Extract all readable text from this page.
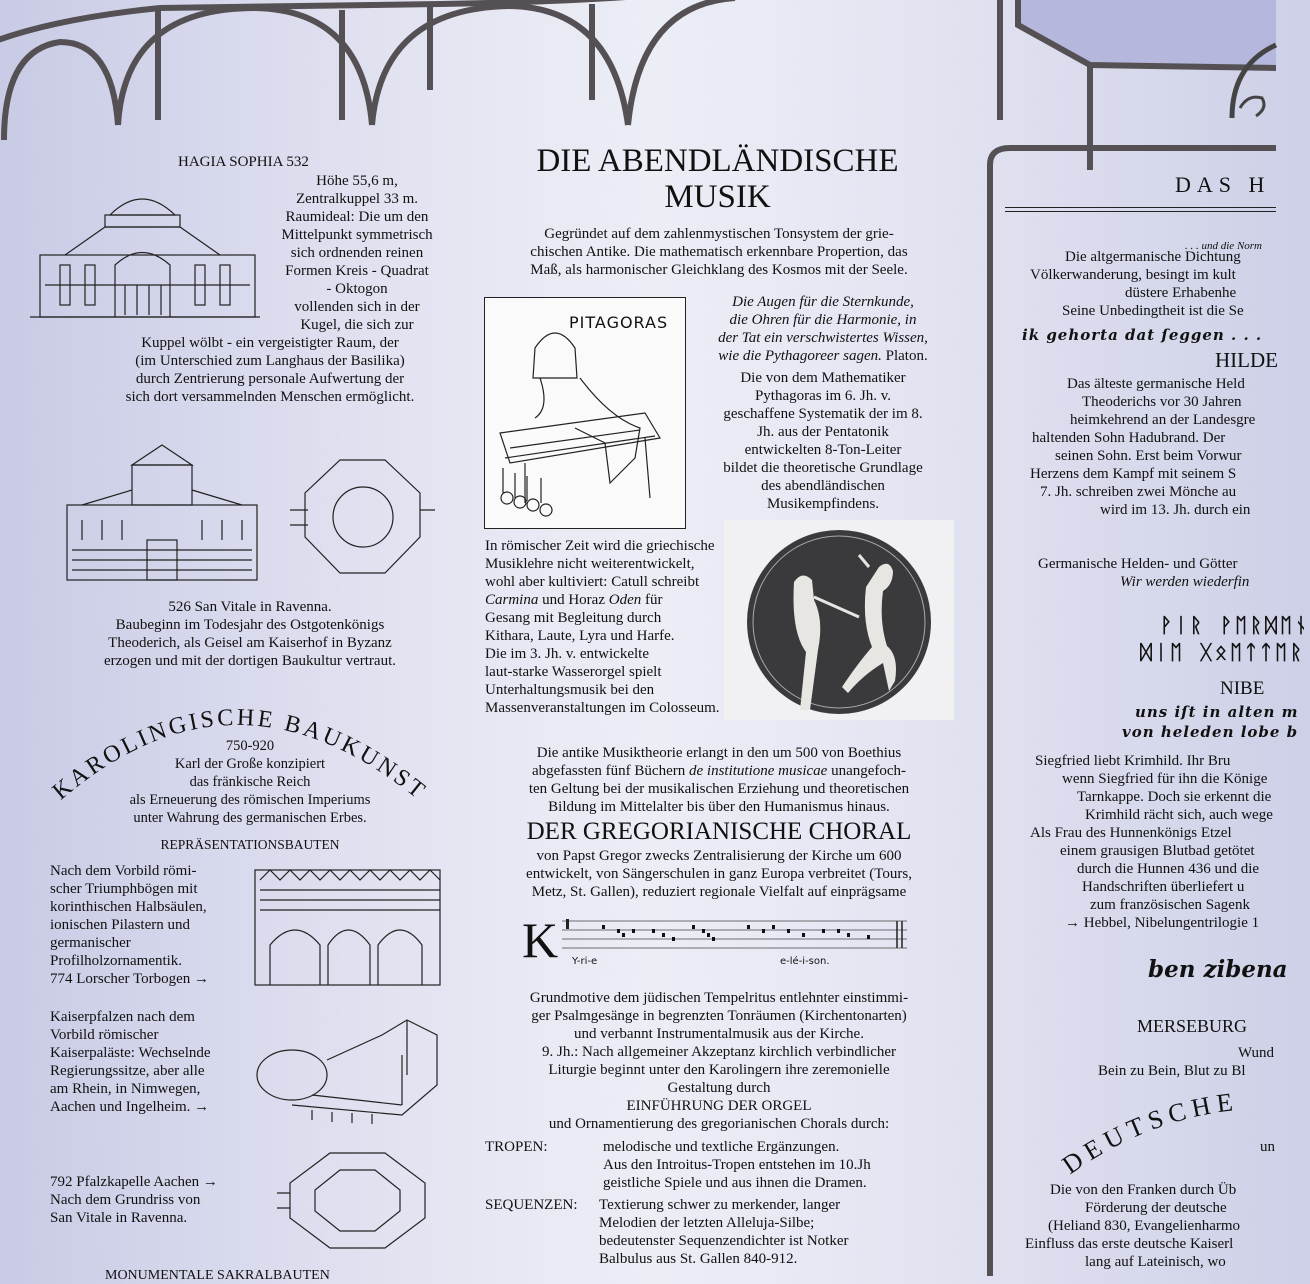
HAGIA SOPHIA 532
Höhe 55,6 m,
Zentralkuppel 33 m.
Raumideal: Die um den
Mittelpunkt symmetrisch
sich ordnenden reinen
Formen Kreis - Quadrat
- Oktogon
vollenden sich in der
Kugel, die sich zur
Kuppel wölbt - ein vergeistigter Raum, der
(im Unterschied zum Langhaus der Basilika)
durch Zentrierung personale Aufwertung der
sich dort versammelnden Menschen ermöglicht.
526 San Vitale in Ravenna.
Baubeginn im Todesjahr des Ostgotenkönigs
Theoderich, als Geisel am Kaiserhof in Byzanz
erzogen und mit der dortigen Baukultur vertraut.
KAROLINGISCHE BAUKUNST
750-920
Karl der Große konzipiert
das fränkische Reich
als Erneuerung des römischen Imperiums
unter Wahrung des germanischen Erbes.
REPRÄSENTATIONSBAUTEN
Nach dem Vorbild römi-
scher Triumphbögen mit
korinthischen Halbsäulen,
ionischen Pilastern und
germanischer
Profilholzornamentik.
774 Lorscher Torbogen →
Kaiserpfalzen nach dem
Vorbild römischer
Kaiserpaläste: Wechselnde
Regierungssitze, aber alle
am Rhein, in Nimwegen,
Aachen und Ingelheim. →
792 Pfalzkapelle Aachen →
Nach dem Grundriss von
San Vitale in Ravenna.
MONUMENTALE SAKRALBAUTEN
DIE ABENDLÄNDISCHE
MUSIK
Gegründet auf dem zahlenmystischen Tonsystem der grie-
chischen Antike. Die mathematisch erkennbare Propertion, das
Maß, als harmonischer Gleichklang des Kosmos mit der Seele.
PITAGORAS
Die Augen für die Sternkunde,
die Ohren für die Harmonie, in
der Tat ein verschwistertes Wissen,
wie die Pythagoreer sagen. Platon.
Die von dem Mathematiker
Pythagoras im 6. Jh. v.
geschaffene Systematik der im 8.
Jh. aus der Pentatonik
entwickelten 8-Ton-Leiter
bildet die theoretische Grundlage
des abendländischen
Musikempfindens.
In römischer Zeit wird die griechische
Musiklehre nicht weiterentwickelt,
wohl aber kultiviert: Catull schreibt
Carmina und Horaz Oden für
Gesang mit Begleitung durch
Kithara, Laute, Lyra und Harfe.
Die im 3. Jh. v. entwickelte
laut-starke Wasserorgel spielt
Unterhaltungsmusik bei den
Massenveranstaltungen im Colosseum.
Die antike Musiktheorie erlangt in den um 500 von Boethius
abgefassten fünf Büchern de institutione musicae unangefoch-
ten Geltung bei der musikalischen Erziehung und theoretischen
Bildung im Mittelalter bis über den Humanismus hinaus.
DER GREGORIANISCHE CHORAL
von Papst Gregor zwecks Zentralisierung der Kirche um 600
entwickelt, von Sängerschulen in ganz Europa verbreitet (Tours,
Metz, St. Gallen), reduziert regionale Vielfalt auf einprägsame
K Y-ri-e	e-lé-i-son.
Grundmotive dem jüdischen Tempelritus entlehnter einstimmi-
ger Psalmgesänge in begrenzten Tonräumen (Kirchentonarten)
und verbannt Instrumentalmusik aus der Kirche.
9. Jh.: Nach allgemeiner Akzeptanz kirchlich verbindlicher
Liturgie beginnt unter den Karolingern ihre zeremonielle
Gestaltung durch
EINFÜHRUNG DER ORGEL
und Ornamentierung des gregorianischen Chorals durch:
TROPEN:	melodische und textliche Ergänzungen.
Aus den Introitus-Tropen entstehen im 10.Jh
geistliche Spiele und aus ihnen die Dramen.
SEQUENZEN:	Textierung schwer zu merkender, langer
Melodien der letzten Alleluja-Silbe;
bedeutenster Sequenzendichter ist Notker
Balbulus aus St. Gallen 840-912.
DAS H
. . . und die Norm
Die altgermanische Dichtung
Völkerwanderung, besingt im kult
düstere Erhabenhe
Seine Unbedingtheit ist die Se
ik gehorta dat ſeggen . . .
HILDE
Das älteste germanische Held
Theoderichs vor 30 Jahren
heimkehrend an der Landesgre
haltenden Sohn Hadubrand. Der
seinen Sohn. Erst beim Vorwur
Herzens dem Kampf mit seinem S
7. Jh. schreiben zwei Mönche au
wird im 13. Jh. durch ein
Germanische Helden- und Götter
Wir werden wiederfin
ᚹᛁᚱ ᚹᛖᚱᛞᛖᚾ
ᛞᛁᛖ ᚷᛟᛖᛏᛏᛖᚱ
NIBE
uns iſt in alten m
von heleden lobe b
Siegfried liebt Krimhild. Ihr Bru
wenn Siegfried für ihn die Könige
Tarnkappe. Doch sie erkennt die
Krimhild rächt sich, auch wege
Als Frau des Hunnenkönigs Etzel
einem grausigen Blutbad getötet
durch die Hunnen 436 und die
Handschriften überliefert u
zum französischen Sagenk
→ Hebbel, Nibelungentrilogie 1
ben zibena
MERSEBURG
Wund
Bein zu Bein, Blut zu Bl
DEUTSCHE
un
Die von den Franken durch Üb
Förderung der deutsche
(Heliand 830, Evangelienharmo
Einfluss das erste deutsche Kaiserl
lang auf Lateinisch, wo
